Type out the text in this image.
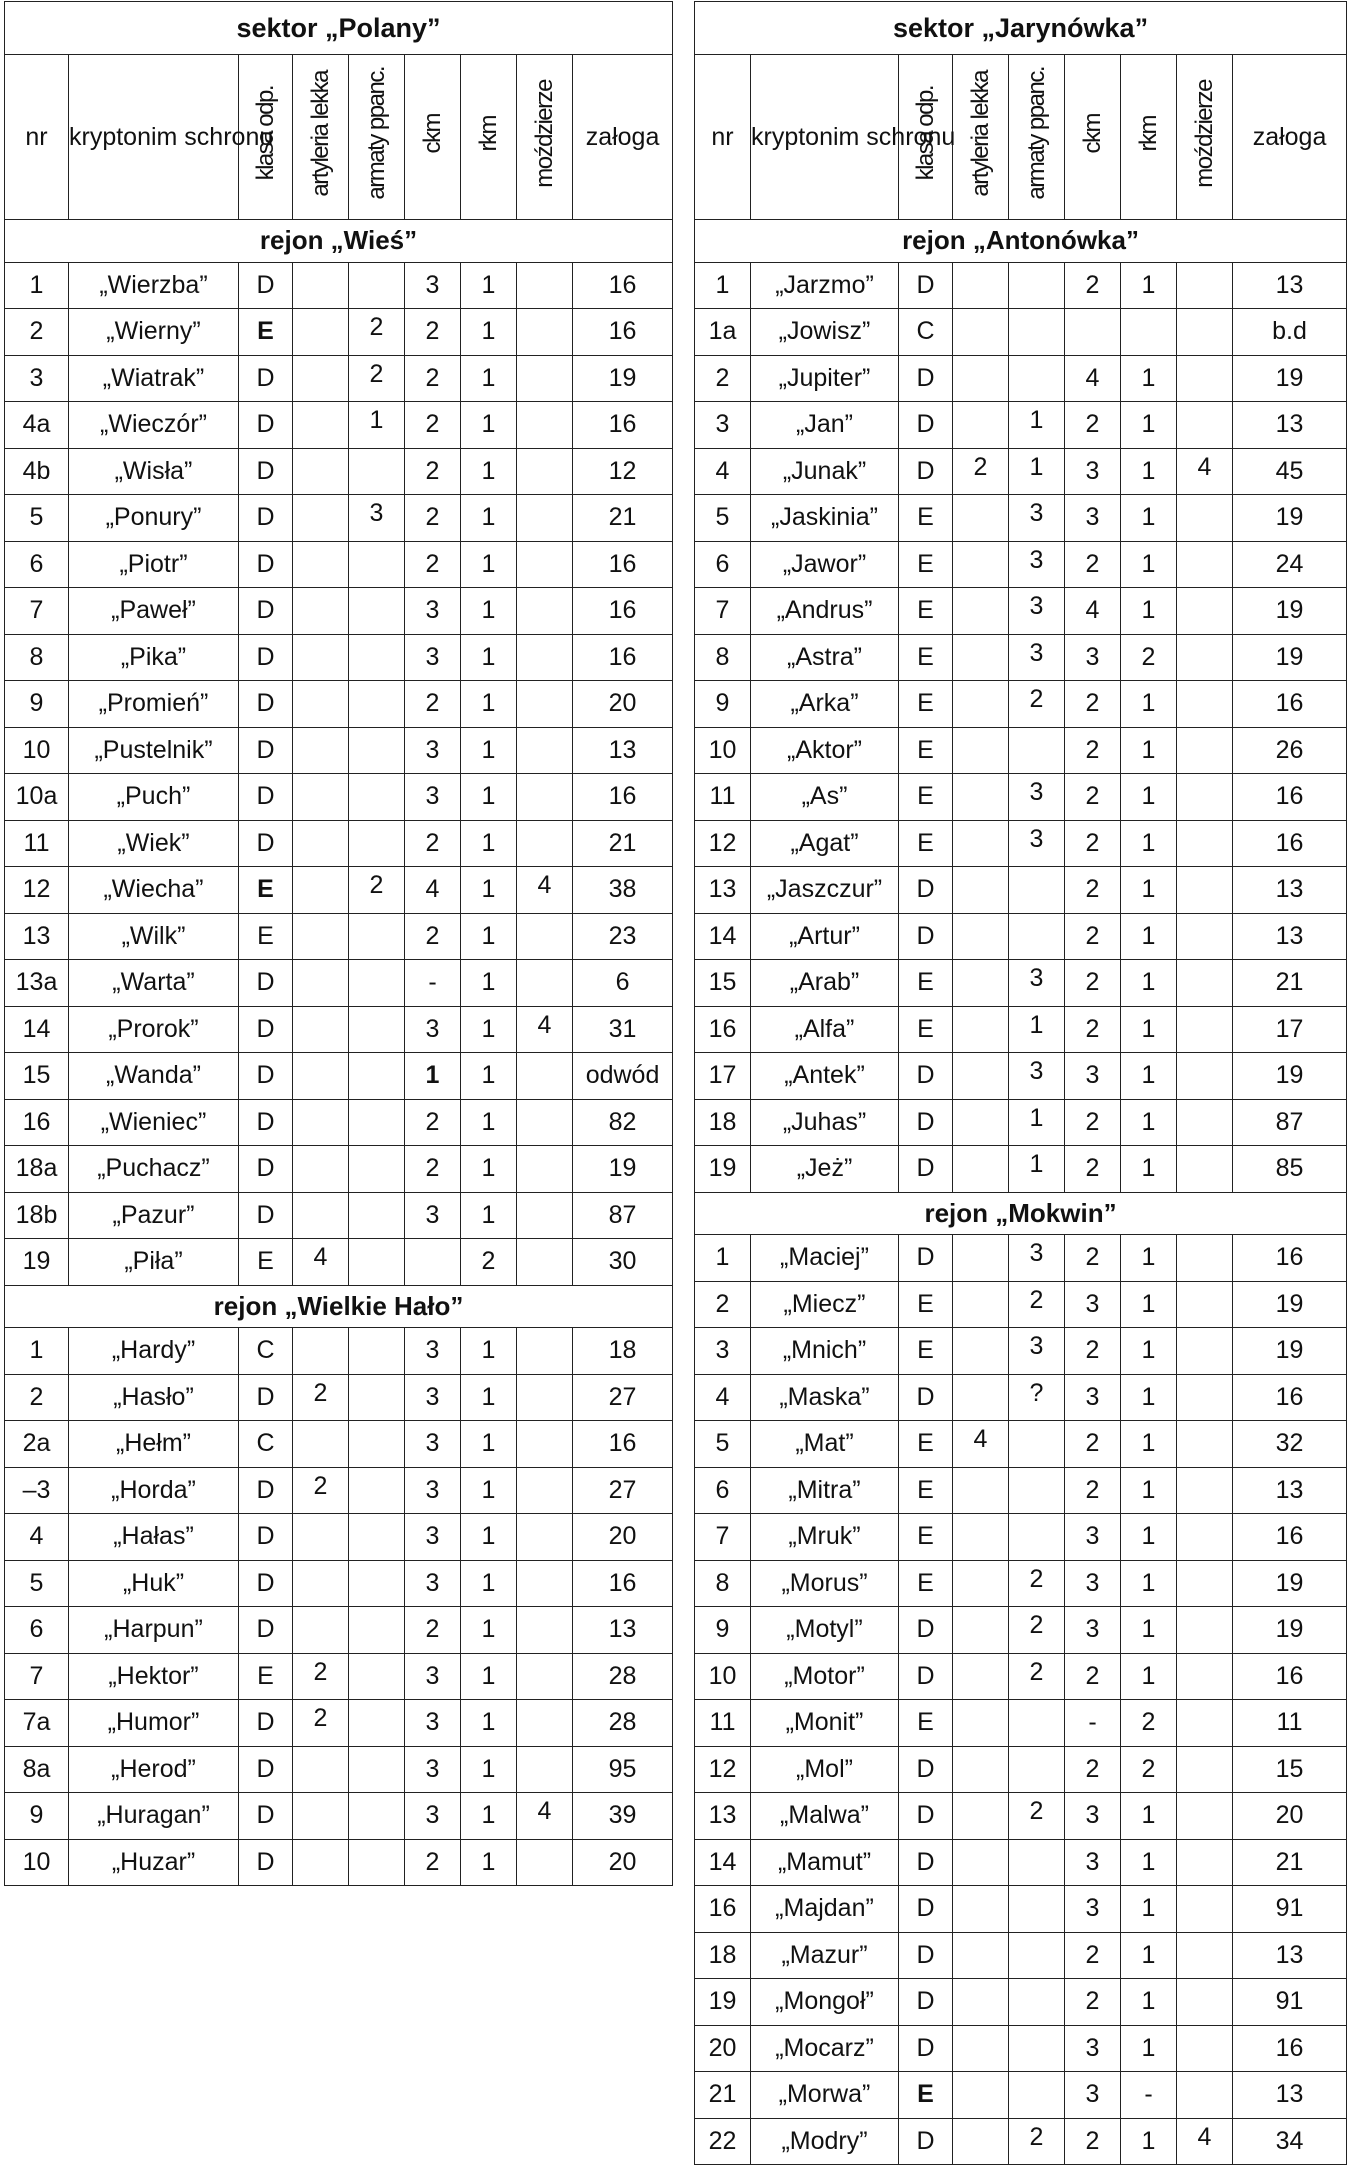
sektor „Polany”								
nr	kryptonim schronu	klasa odp.	artyleria lekka	armaty ppanc.	ckm	rkm	moździerze	załoga
rejon „Wieś”								
1	„Wierzba”	D			3	1		16
2	„Wierny”	E		2	2	1		16
3	„Wiatrak”	D		2	2	1		19
4a	„Wieczór”	D		1	2	1		16
4b	„Wisła”	D			2	1		12
5	„Ponury”	D		3	2	1		21
6	„Piotr”	D			2	1		16
7	„Paweł”	D			3	1		16
8	„Pika”	D			3	1		16
9	„Promień”	D			2	1		20
10	„Pustelnik”	D			3	1		13
10a	„Puch”	D			3	1		16
11	„Wiek”	D			2	1		21
12	„Wiecha”	E		2	4	1	4	38
13	„Wilk”	E			2	1		23
13a	„Warta”	D			-	1		6
14	„Prorok”	D			3	1	4	31
15	„Wanda”	D			1	1		odwód
16	„Wieniec”	D			2	1		82
18a	„Puchacz”	D			2	1		19
18b	„Pazur”	D			3	1		87
19	„Piła”	E	4			2		30
rejon „Wielkie Hało”								
1	„Hardy”	C			3	1		18
2	„Hasło”	D	2		3	1		27
2a	„Hełm”	C			3	1		16
–3	„Horda”	D	2		3	1		27
4	„Hałas”	D			3	1		20
5	„Huk”	D			3	1		16
6	„Harpun”	D			2	1		13
7	„Hektor”	E	2		3	1		28
7a	„Humor”	D	2		3	1		28
8a	„Herod”	D			3	1		95
9	„Huragan”	D			3	1	4	39
10	„Huzar”	D			2	1		20
sektor „Jarynówka”								
nr	kryptonim schronu	klasa odp.	artyleria lekka	armaty ppanc.	ckm	rkm	moździerze	załoga
rejon „Antonówka”								
1	„Jarzmo”	D			2	1		13
1a	„Jowisz”	C						b.d
2	„Jupiter”	D			4	1		19
3	„Jan”	D		1	2	1		13
4	„Junak”	D	2	1	3	1	4	45
5	„Jaskinia”	E		3	3	1		19
6	„Jawor”	E		3	2	1		24
7	„Andrus”	E		3	4	1		19
8	„Astra”	E		3	3	2		19
9	„Arka”	E		2	2	1		16
10	„Aktor”	E			2	1		26
11	„As”	E		3	2	1		16
12	„Agat”	E		3	2	1		16
13	„Jaszczur”	D			2	1		13
14	„Artur”	D			2	1		13
15	„Arab”	E		3	2	1		21
16	„Alfa”	E		1	2	1		17
17	„Antek”	D		3	3	1		19
18	„Juhas”	D		1	2	1		87
19	„Jeż”	D		1	2	1		85
rejon „Mokwin”								
1	„Maciej”	D		3	2	1		16
2	„Miecz”	E		2	3	1		19
3	„Mnich”	E		3	2	1		19
4	„Maska”	D		?	3	1		16
5	„Mat”	E	4		2	1		32
6	„Mitra”	E			2	1		13
7	„Mruk”	E			3	1		16
8	„Morus”	E		2	3	1		19
9	„Motyl”	D		2	3	1		19
10	„Motor”	D		2	2	1		16
11	„Monit”	E			-	2		11
12	„Mol”	D			2	2		15
13	„Malwa”	D		2	3	1		20
14	„Mamut”	D			3	1		21
16	„Majdan”	D			3	1		91
18	„Mazur”	D			2	1		13
19	„Mongoł”	D			2	1		91
20	„Mocarz”	D			3	1		16
21	„Morwa”	E			3	-		13
22	„Modry”	D		2	2	1	4	34
